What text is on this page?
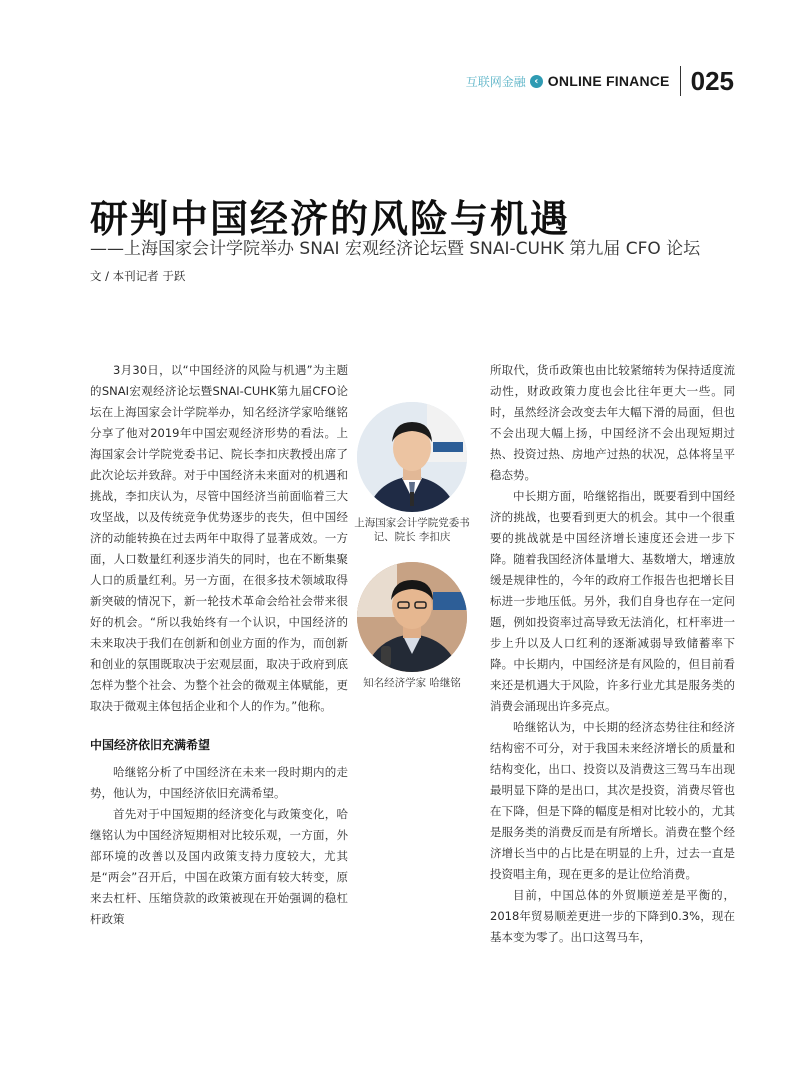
互联网金融 ‹ ONLINE FINANCE 025
研判中国经济的风险与机遇
——上海国家会计学院举办 SNAI 宏观经济论坛暨 SNAI-CUHK 第九届 CFO 论坛
文 / 本刊记者 于跃

3月30日，以“中国经济的风险与机遇”为主题的SNAI宏观经济论坛暨SNAI-CUHK第九届CFO论坛在上海国家会计学院举办，知名经济学家哈继铭分享了他对2019年中国宏观经济形势的看法。上海国家会计学院党委书记、院长李扣庆教授出席了此次论坛并致辞。对于中国经济未来面对的机遇和挑战，李扣庆认为，尽管中国经济当前面临着三大攻坚战，以及传统竞争优势逐步的丧失，但中国经济的动能转换在过去两年中取得了显著成效。一方面，人口数量红利逐步消失的同时，也在不断集聚人口的质量红利。另一方面，在很多技术领域取得新突破的情况下，新一轮技术革命会给社会带来很好的机会。“所以我始终有一个认识，中国经济的未来取决于我们在创新和创业方面的作为，而创新和创业的氛围既取决于宏观层面，取决于政府到底怎样为整个社会、为整个社会的微观主体赋能，更取决于微观主体包括企业和个人的作为。”他称。

中国经济依旧充满希望

哈继铭分析了中国经济在未来一段时期内的走势，他认为，中国经济依旧充满希望。

首先对于中国短期的经济变化与政策变化，哈继铭认为中国经济短期相对比较乐观，一方面，外部环境的改善以及国内政策支持力度较大，尤其是“两会”召开后，中国在政策方面有较大转变，原来去杠杆、压缩贷款的政策被现在开始强调的稳杠杆政策

上海国家会计学院党委书记、院长 李扣庆
知名经济学家 哈继铭

所取代，货币政策也由比较紧缩转为保持适度流动性，财政政策力度也会比往年更大一些。同时，虽然经济会改变去年大幅下滑的局面，但也不会出现大幅上扬，中国经济不会出现短期过热、投资过热、房地产过热的状况，总体将呈平稳态势。

中长期方面，哈继铭指出，既要看到中国经济的挑战，也要看到更大的机会。其中一个很重要的挑战就是中国经济增长速度还会进一步下降。随着我国经济体量增大、基数增大，增速放缓是规律性的，今年的政府工作报告也把增长目标进一步地压低。另外，我们自身也存在一定问题，例如投资率过高导致无法消化，杠杆率进一步上升以及人口红利的逐渐减弱导致储蓄率下降。中长期内，中国经济是有风险的，但目前看来还是机遇大于风险，许多行业尤其是服务类的消费会涌现出许多亮点。

哈继铭认为，中长期的经济态势往往和经济结构密不可分，对于我国未来经济增长的质量和结构变化，出口、投资以及消费这三驾马车出现最明显下降的是出口，其次是投资，消费尽管也在下降，但是下降的幅度是相对比较小的，尤其是服务类的消费反而是有所增长。消费在整个经济增长当中的占比是在明显的上升，过去一直是投资唱主角，现在更多的是让位给消费。

目前，中国总体的外贸顺逆差是平衡的，2018年贸易顺差更进一步的下降到0.3%，现在基本变为零了。出口这驾马车，
